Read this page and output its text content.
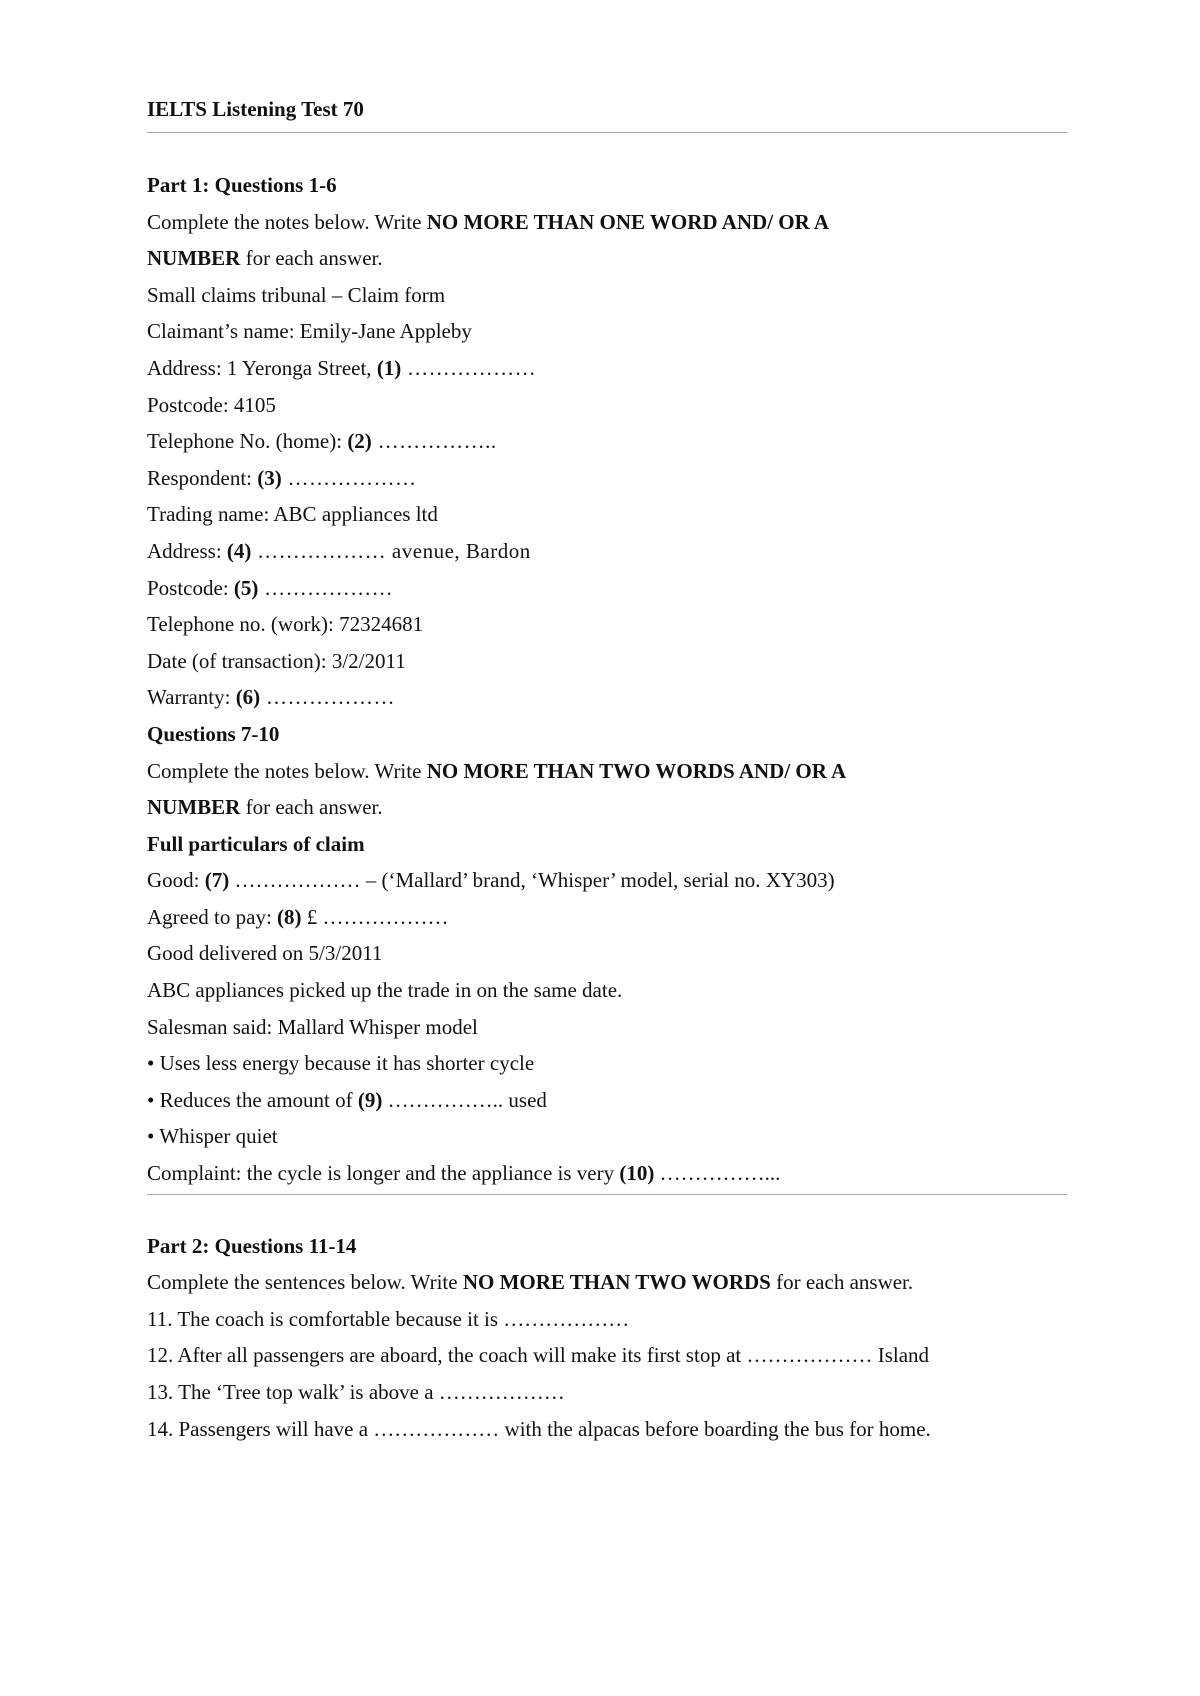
IELTS Listening Test 70
Part 1: Questions 1-6
Complete the notes below. Write NO MORE THAN ONE WORD AND/ OR A
NUMBER for each answer.
Small claims tribunal – Claim form
Claimant’s name: Emily-Jane Appleby
Address: 1 Yeronga Street, (1) ………………
Postcode: 4105
Telephone No. (home): (2) ……………..
Respondent: (3) ………………
Trading name: ABC appliances ltd
Address: (4) ……………… avenue, Bardon
Postcode: (5) ………………
Telephone no. (work): 72324681
Date (of transaction): 3/2/2011
Warranty: (6) ………………
Questions 7-10
Complete the notes below. Write NO MORE THAN TWO WORDS AND/ OR A
NUMBER for each answer.
Full particulars of claim
Good: (7) ……………… – (‘Mallard’ brand, ‘Whisper’ model, serial no. XY303)
Agreed to pay: (8) £ ………………
Good delivered on 5/3/2011
ABC appliances picked up the trade in on the same date.
Salesman said: Mallard Whisper model
• Uses less energy because it has shorter cycle
• Reduces the amount of (9) …………….. used
• Whisper quiet
Complaint: the cycle is longer and the appliance is very (10) ……………...
Part 2: Questions 11-14
Complete the sentences below. Write NO MORE THAN TWO WORDS for each answer.
11. The coach is comfortable because it is ………………
12. After all passengers are aboard, the coach will make its first stop at ……………… Island
13. The ‘Tree top walk’ is above a ………………
14. Passengers will have a ……………… with the alpacas before boarding the bus for home.
